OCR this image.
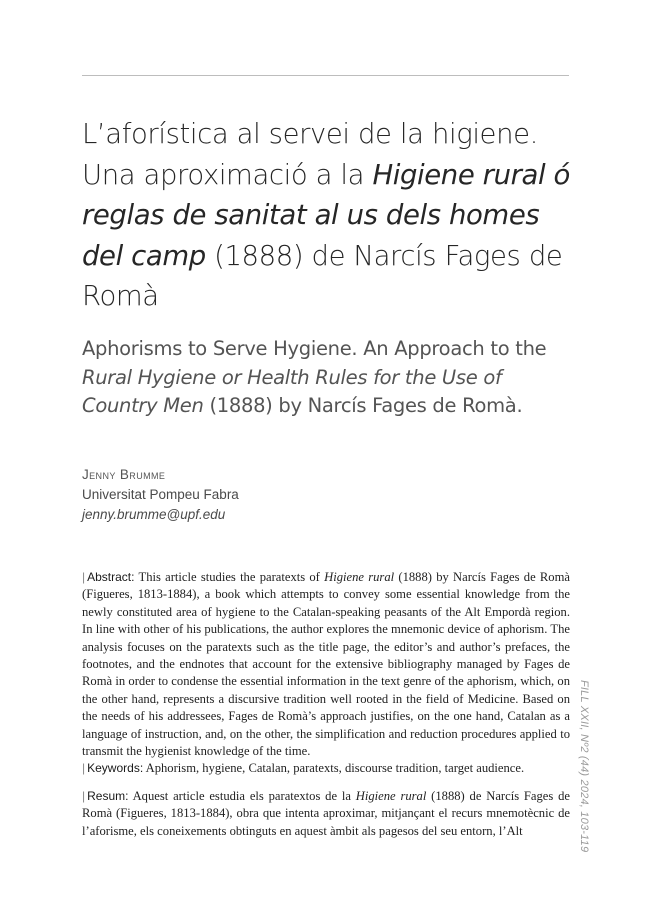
L’aforística al servei de la higiene. Una aproximació a la Higiene rural ó reglas de sanitat al us dels homes del camp (1888) de Narcís Fages de Romà
Aphorisms to Serve Hygiene. An Approach to the Rural Hygiene or Health Rules for the Use of Country Men (1888) by Narcís Fages de Romà.
Jenny Brumme
Universitat Pompeu Fabra
jenny.brumme@upf.edu
| Abstract: This article studies the paratexts of Higiene rural (1888) by Narcís Fages de Romà (Figueres, 1813-1884), a book which attempts to convey some essential knowledge from the newly constituted area of hygiene to the Catalan-speaking peasants of the Alt Empordà region. In line with other of his publications, the author explores the mnemonic device of aphorism. The analysis focuses on the paratexts such as the title page, the editor’s and author’s prefaces, the footnotes, and the endnotes that account for the extensive bibliography managed by Fages de Romà in order to condense the essential information in the text genre of the aphorism, which, on the other hand, represents a discursive tradition well rooted in the field of Medicine. Based on the needs of his addressees, Fages de Romà’s approach justifies, on the one hand, Catalan as a language of instruction, and, on the other, the simplification and reduction procedures applied to transmit the hygienist knowledge of the time.
| Keywords: Aphorism, hygiene, Catalan, paratexts, discourse tradition, target audience.
| Resum: Aquest article estudia els paratextos de la Higiene rural (1888) de Narcís Fages de Romà (Figueres, 1813-1884), obra que intenta aproximar, mitjançant el recurs mnemotècnic de l’aforisme, els coneixements obtinguts en aquest àmbit als pagesos del seu entorn, l’Alt	FILL XXII, Nº2 (44) 2024, 103-119
